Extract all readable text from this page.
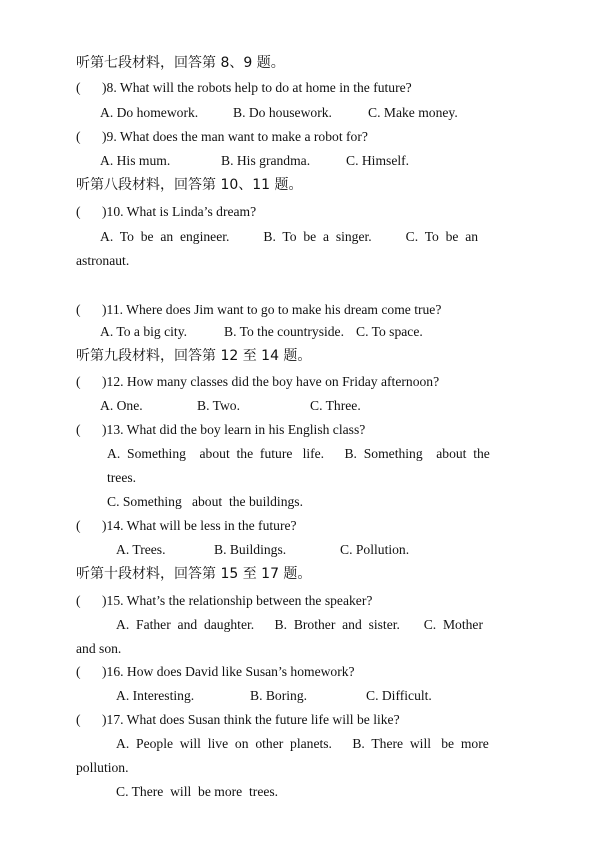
听第七段材料，回答第 8、9 题。
( )8. What will the robots help to do at home in the future?
A. Do homework.	B. Do housework.	C. Make money.
( )9. What does the man want to make a robot for?
A. His mum.	B. His grandma.	C. Himself.
听第八段材料，回答第 10、11 题。
( )10. What is Linda’s dream?
A.  To  be  an  engineer.          B.  To  be  a  singer.          C.  To  be  an
astronaut.
( )11. Where does Jim want to go to make his dream come true?
A. To a big city.	B. To the countryside. C. To space.
听第九段材料，回答第 12 至 14 题。
( )12. How many classes did the boy have on Friday afternoon?
A. One.	B. Two.	C. Three.
( )13. What did the boy learn in his English class?
A.  Something    about  the  future   life.      B.  Something    about  the
trees.
C. Something   about  the buildings.
( )14. What will be less in the future?
A. Trees.	B. Buildings.	C. Pollution.
听第十段材料，回答第 15 至 17 题。
( )15. What’s the relationship between the speaker?
A.  Father  and  daughter.      B.  Brother  and  sister.       C.  Mother
and son.
( )16. How does David like Susan’s homework?
A. Interesting.	B. Boring.	C. Difficult.
( )17. What does Susan think the future life will be like?
A.  People  will  live  on  other  planets.      B.  There  will   be  more
pollution.
C. There  will  be more  trees.
